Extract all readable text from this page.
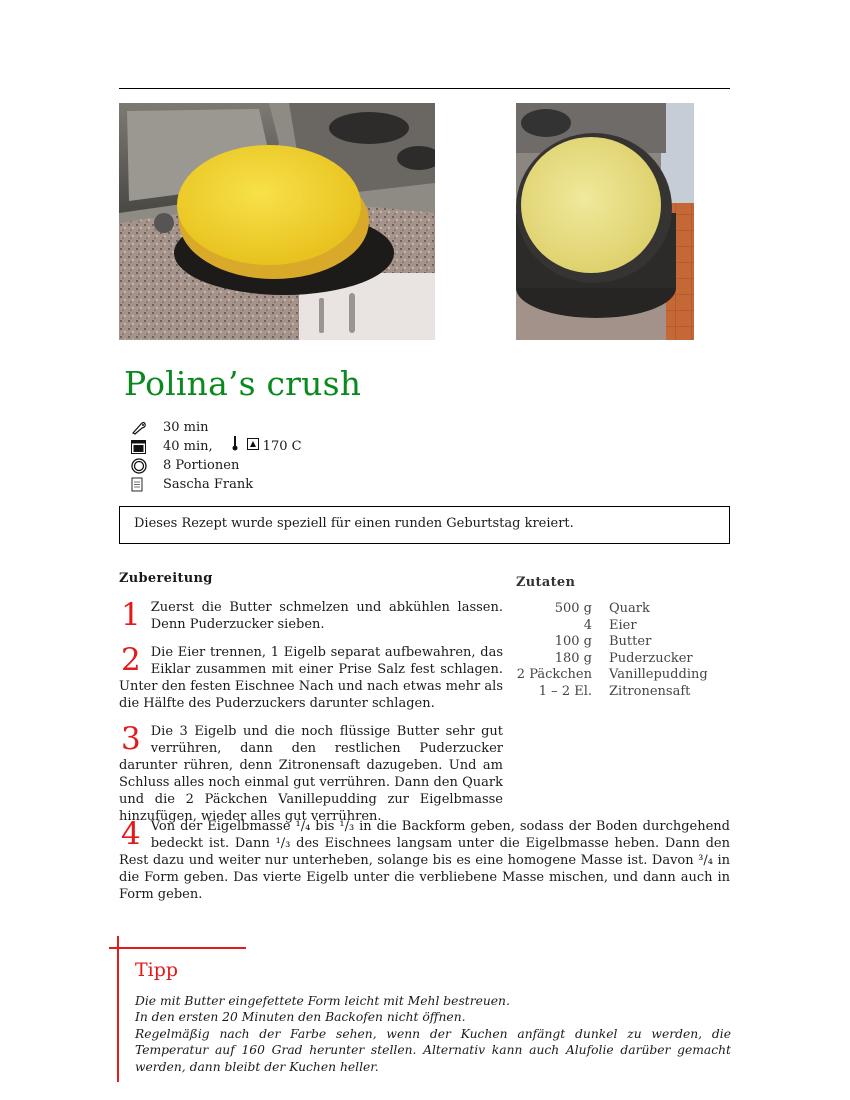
Polina’s crush
30 min
40 min,	170 C
8 Portionen
Sascha Frank
Dieses Rezept wurde speziell für einen runden Geburtstag kreiert.
Zubereitung	Zutaten
1 Zuerst die Butter schmelzen und abkühlen lassen. Denn Puderzucker sieben.
2 Die Eier trennen, 1 Eigelb separat aufbewahren, das Eiklar zusammen mit einer Prise Salz fest schlagen. Unter den festen Eischnee Nach und nach etwas mehr als die Hälfte des Puderzuckers darunter schlagen.
3 Die 3 Eigelb und die noch flüssige Butter sehr gut verrühren, dann den restlichen Puderzucker darunter rühren, denn Zitronensaft dazugeben. Und am Schluss alles noch einmal gut verrühren. Dann den Quark und die 2 Päckchen Vanillepudding zur Eigelbmasse hinzufügen, wieder alles gut verrühren.
4 Von der Eigelbmasse ¹/₄ bis ¹/₃ in die Backform geben, sodass der Boden durchgehend bedeckt ist. Dann ¹/₃ des Eischnees langsam unter die Eigelbmasse heben. Dann den Rest dazu und weiter nur unterheben, solange bis es eine homogene Masse ist. Davon ³/₄ in die Form geben. Das vierte Eigelb unter die verbliebene Masse mischen, und dann auch in Form geben.
500 g	Quark
4	Eier
100 g	Butter
180 g	Puderzucker
2 Päckchen	Vanillepudding
1 – 2 El.	Zitronensaft
Tipp
Die mit Butter eingefettete Form leicht mit Mehl bestreuen.
In den ersten 20 Minuten den Backofen nicht öffnen.
Regelmäßig nach der Farbe sehen, wenn der Kuchen anfängt dunkel zu werden, die Temperatur auf 160 Grad herunter stellen. Alternativ kann auch Alufolie darüber gemacht werden, dann bleibt der Kuchen heller.
